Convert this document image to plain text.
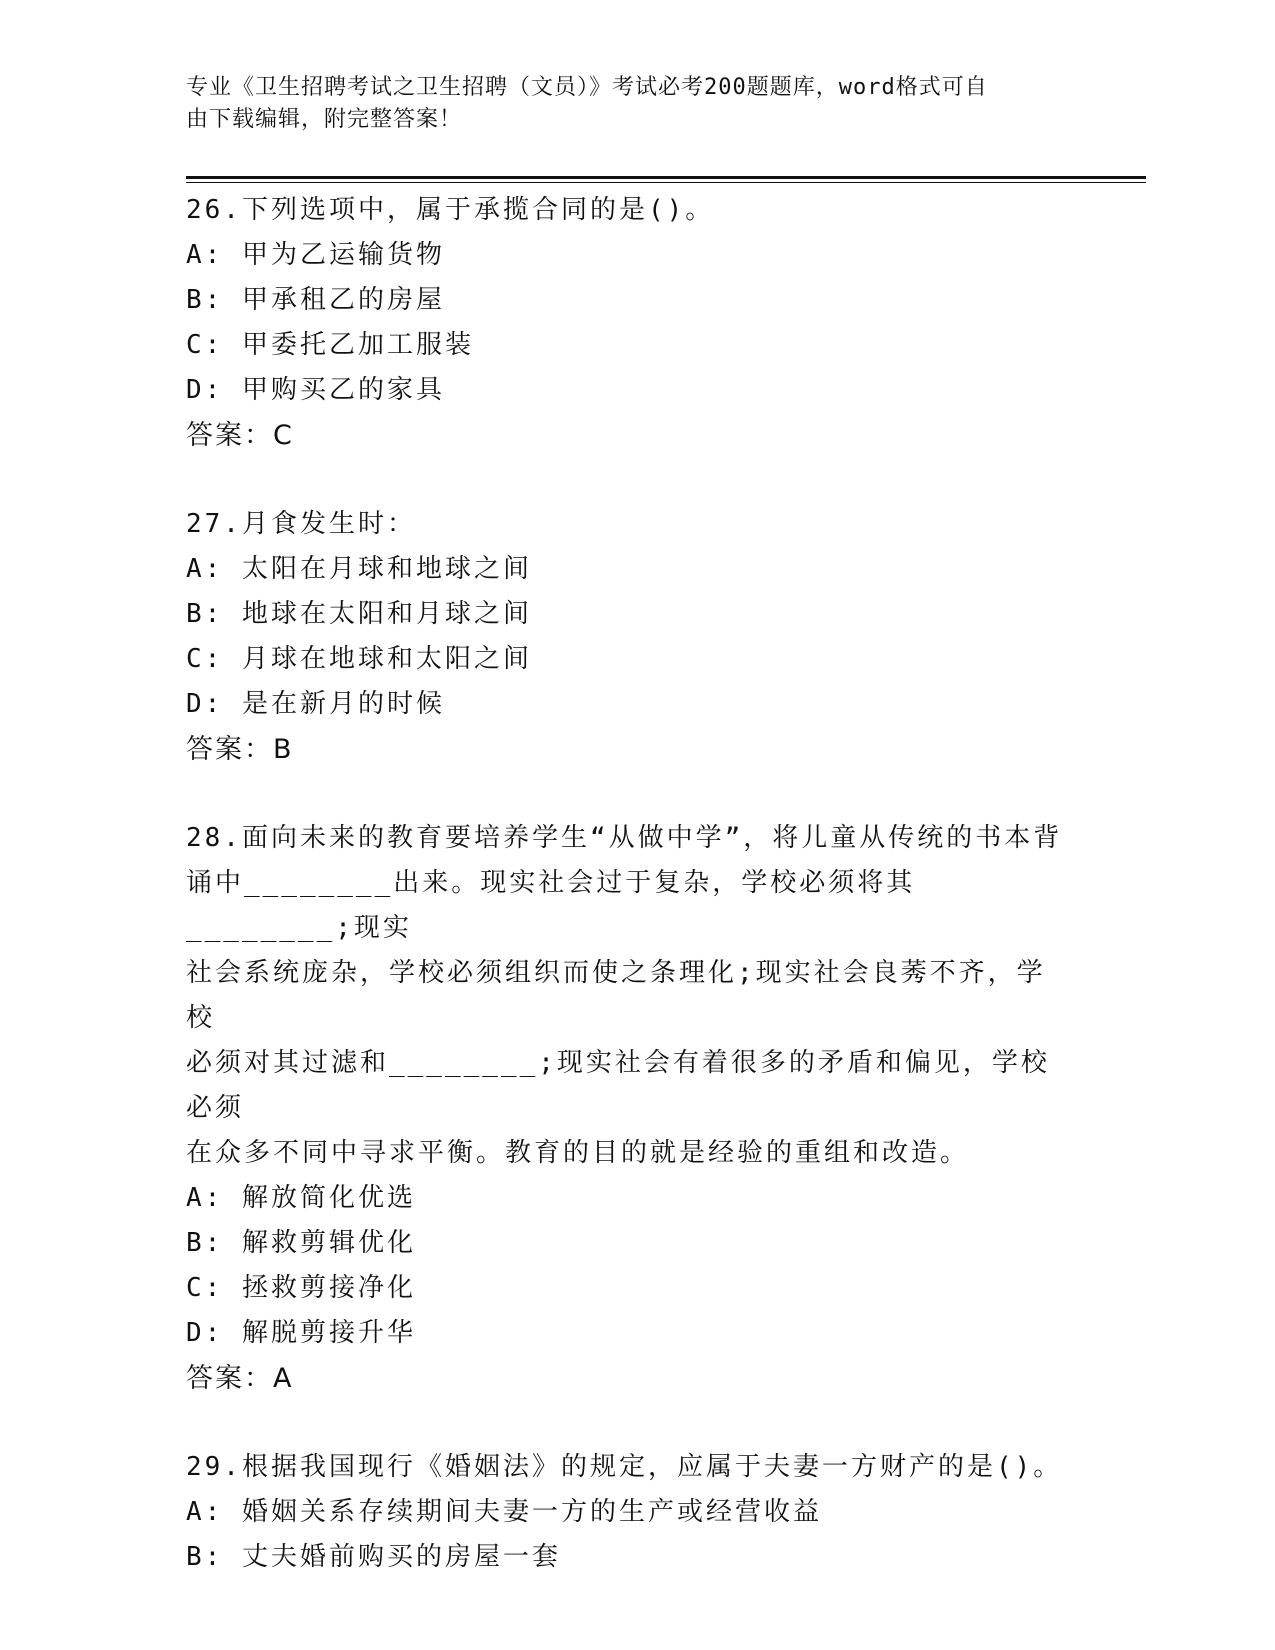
专业《卫生招聘考试之卫生招聘（文员）》考试必考200题题库，word格式可自
由下载编辑，附完整答案！
26.下列选项中，属于承揽合同的是()。
A: 甲为乙运输货物
B: 甲承租乙的房屋
C: 甲委托乙加工服装
D: 甲购买乙的家具
答案：C
27.月食发生时：
A: 太阳在月球和地球之间
B: 地球在太阳和月球之间
C: 月球在地球和太阳之间
D: 是在新月的时候
答案：B
28.面向未来的教育要培养学生“从做中学”，将儿童从传统的书本背
诵中________出来。现实社会过于复杂，学校必须将其________;现实
社会系统庞杂，学校必须组织而使之条理化;现实社会良莠不齐，学校
必须对其过滤和________;现实社会有着很多的矛盾和偏见，学校必须
在众多不同中寻求平衡。教育的目的就是经验的重组和改造。
A: 解放简化优选
B: 解救剪辑优化
C: 拯救剪接净化
D: 解脱剪接升华
答案：A
29.根据我国现行《婚姻法》的规定，应属于夫妻一方财产的是()。
A: 婚姻关系存续期间夫妻一方的生产或经营收益
B: 丈夫婚前购买的房屋一套
